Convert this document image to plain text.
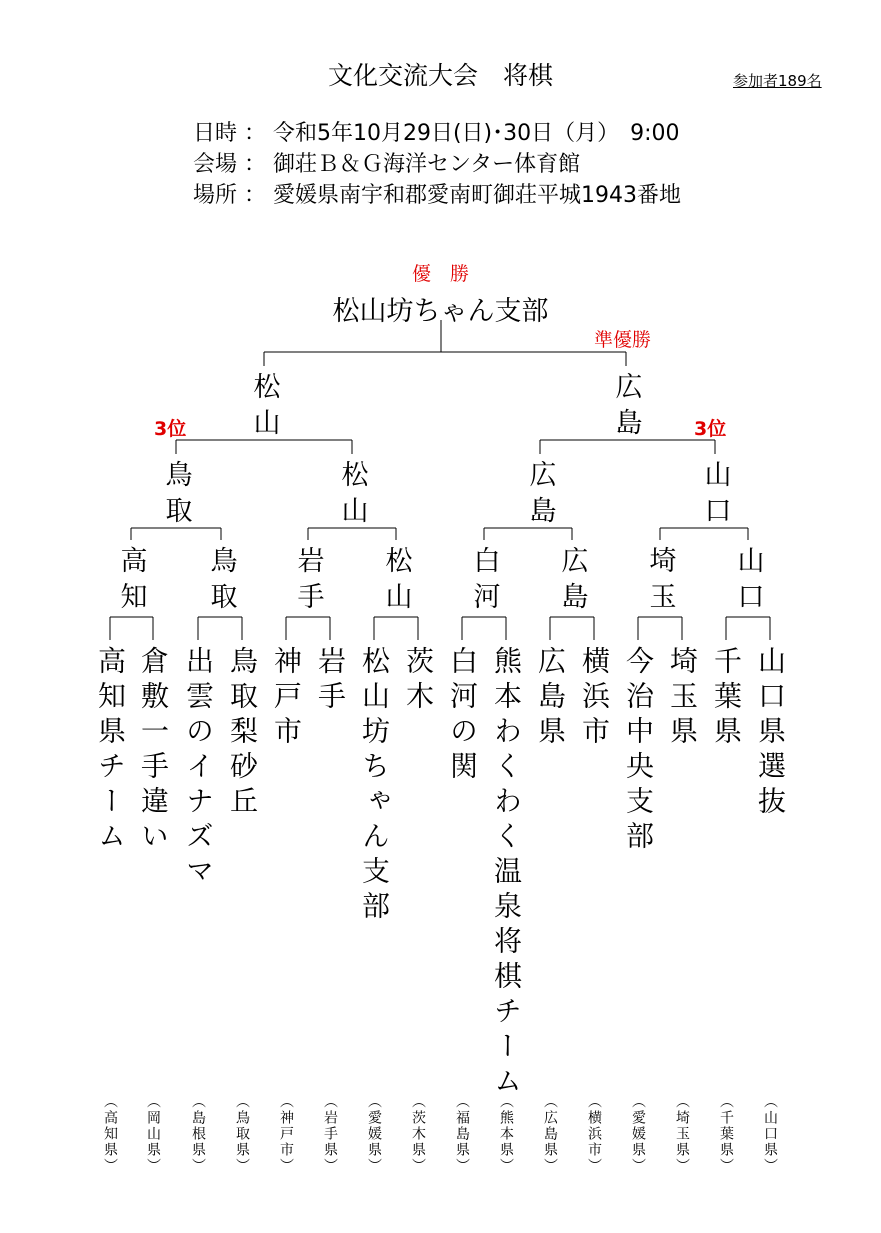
文化交流大会　将棋	参加者189名
日時 ： 令和5年10月29日(日)･30日（月）　9:00
会場 ： 御荘Ｂ＆Ｇ海洋センター体育館
場所 ： 愛媛県南宇和郡愛南町御荘平城1943番地
優　勝
松山坊ちゃん支部
準優勝
3位	3位
松山	広島
鳥取	松山	広島	山口
高知 鳥取 岩手 松山 白河 広島 埼玉 山口
高知県チーム 倉敷一手違い 出雲のイナズマ 鳥取梨砂丘 神戸市 岩手 松山坊ちゃん支部 茨木 白河の関 熊本わくわく温泉将棋チーム 広島県 横浜市 今治中央支部 埼玉県 千葉県 山口県選抜
（高知県） （岡山県） （島根県） （鳥取県） （神戸市） （岩手県） （愛媛県） （茨木県） （福島県） （熊本県） （広島県） （横浜市） （愛媛県） （埼玉県） （千葉県） （山口県）
